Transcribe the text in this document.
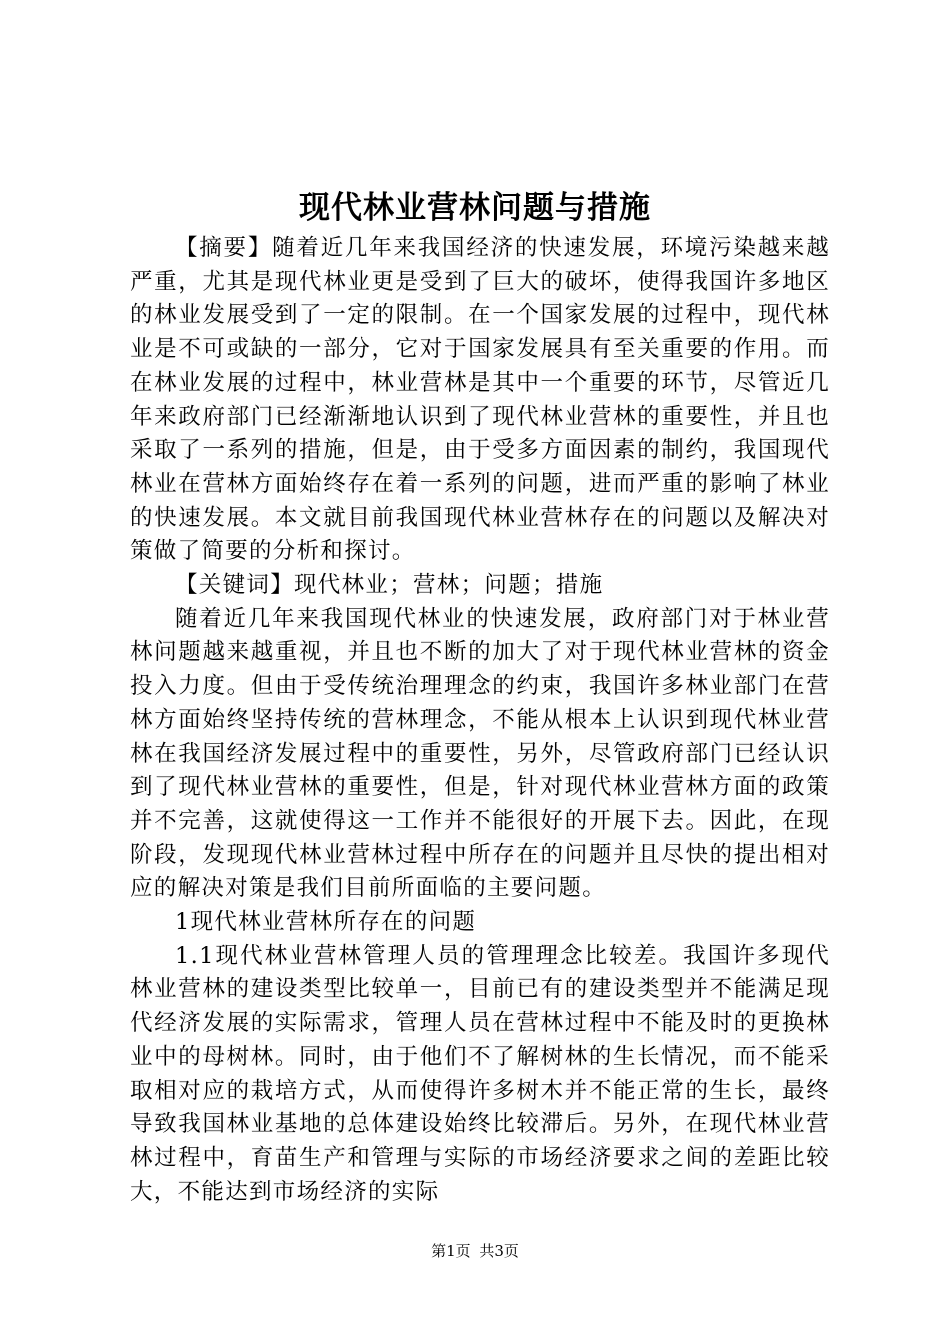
现代林业营林问题与措施

【摘要】随着近几年来我国经济的快速发展，环境污染越来越严重，尤其是现代林业更是受到了巨大的破坏，使得我国许多地区的林业发展受到了一定的限制。在一个国家发展的过程中，现代林业是不可或缺的一部分，它对于国家发展具有至关重要的作用。而在林业发展的过程中，林业营林是其中一个重要的环节，尽管近几年来政府部门已经渐渐地认识到了现代林业营林的重要性，并且也采取了一系列的措施，但是，由于受多方面因素的制约，我国现代林业在营林方面始终存在着一系列的问题，进而严重的影响了林业的快速发展。本文就目前我国现代林业营林存在的问题以及解决对策做了简要的分析和探讨。

【关键词】现代林业；营林；问题；措施

随着近几年来我国现代林业的快速发展，政府部门对于林业营林问题越来越重视，并且也不断的加大了对于现代林业营林的资金投入力度。但由于受传统治理理念的约束，我国许多林业部门在营林方面始终坚持传统的营林理念，不能从根本上认识到现代林业营林在我国经济发展过程中的重要性，另外，尽管政府部门已经认识到了现代林业营林的重要性，但是，针对现代林业营林方面的政策并不完善，这就使得这一工作并不能很好的开展下去。因此，在现阶段，发现现代林业营林过程中所存在的问题并且尽快的提出相对应的解决对策是我们目前所面临的主要问题。

1现代林业营林所存在的问题

1.1现代林业营林管理人员的管理理念比较差。我国许多现代林业营林的建设类型比较单一，目前已有的建设类型并不能满足现代经济发展的实际需求，管理人员在营林过程中不能及时的更换林业中的母树林。同时，由于他们不了解树林的生长情况，而不能采取相对应的栽培方式，从而使得许多树木并不能正常的生长，最终导致我国林业基地的总体建设始终比较滞后。另外，在现代林业营林过程中，育苗生产和管理与实际的市场经济要求之间的差距比较大，不能达到市场经济的实际

第1页 共3页
